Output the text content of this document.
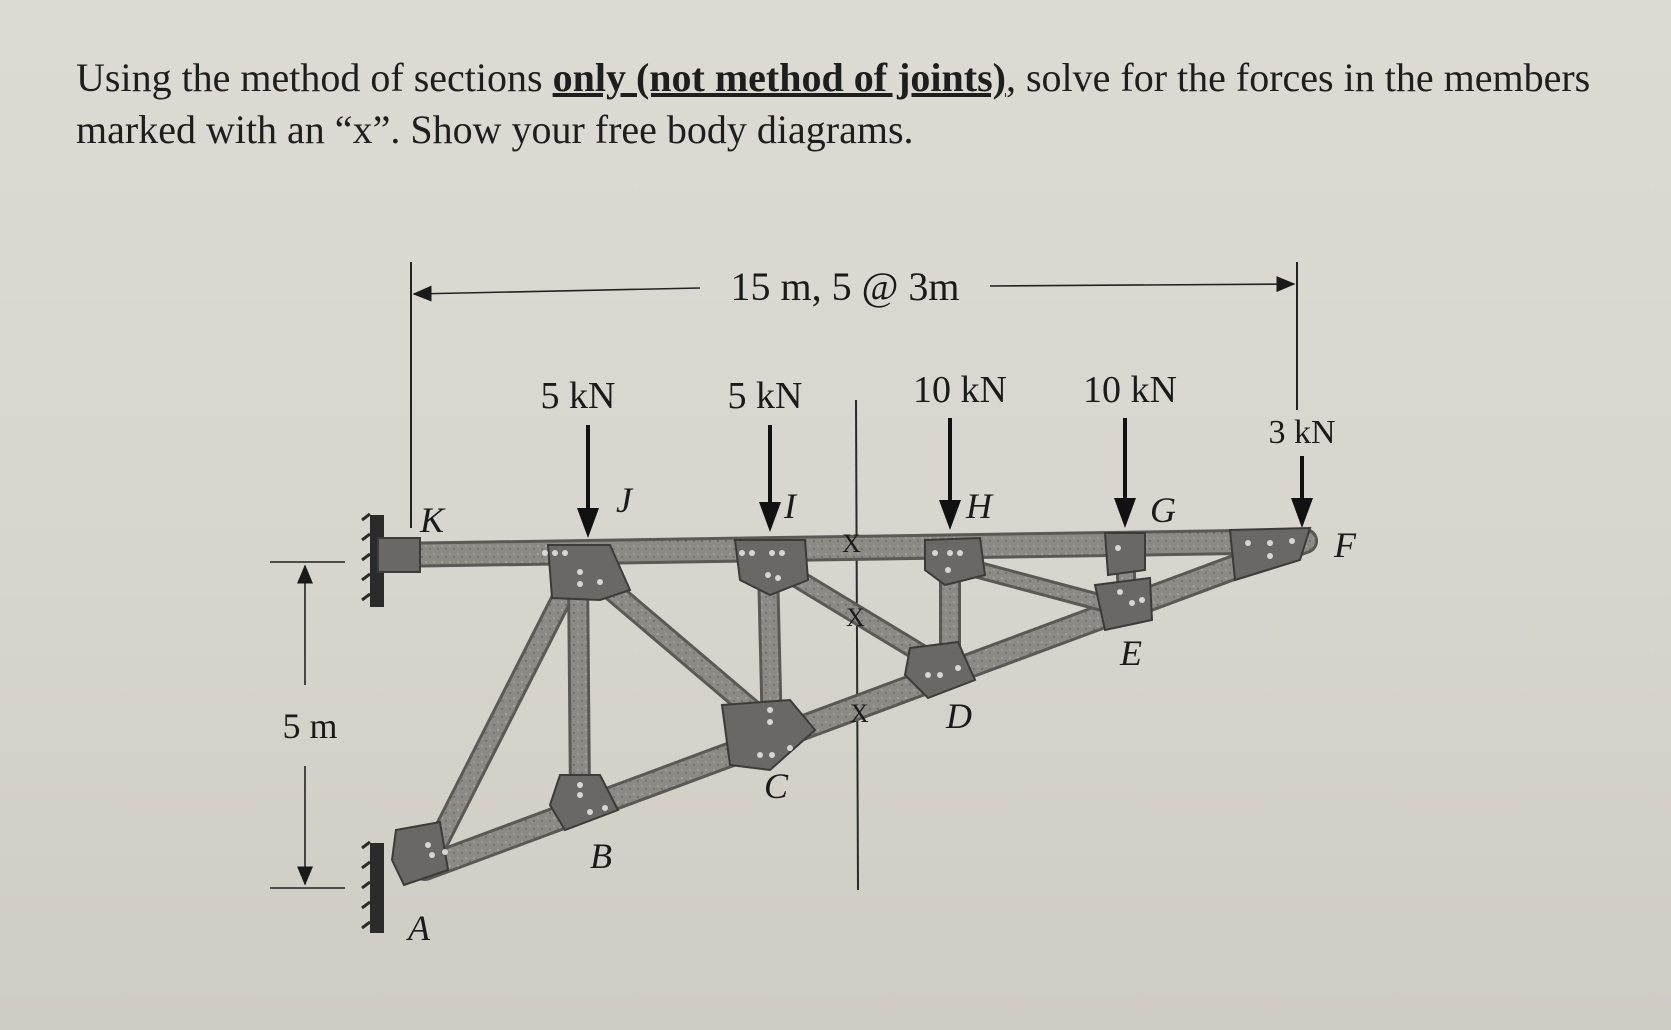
Using the method of sections only (not method of joints), solve for the forces in the members marked with an “x”. Show your free body diagrams.
15 m, 5 @ 3m
5 m
5 kN	5 kN	10 kN 10 kN
3 kN
K	J	I	H	G
F
E
D
C
B
A
X
X
X
